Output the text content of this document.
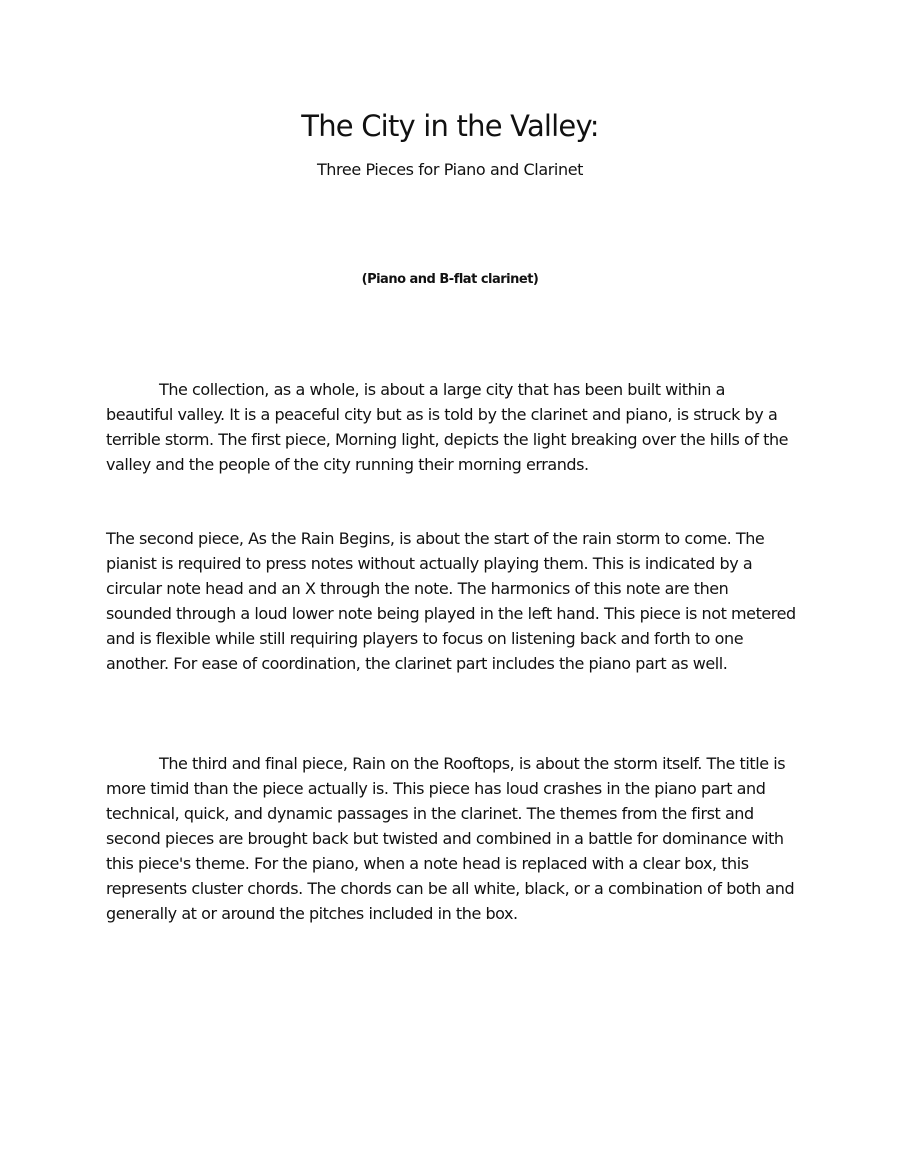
The City in the Valley:

Three Pieces for Piano and Clarinet

(Piano and B-flat clarinet)

The collection, as a whole, is about a large city that has been built within a beautiful valley. It is a peaceful city but as is told by the clarinet and piano, is struck by a terrible storm. The first piece, Morning light, depicts the light breaking over the hills of the valley and the people of the city running their morning errands.

The second piece, As the Rain Begins, is about the start of the rain storm to come. The pianist is required to press notes without actually playing them. This is indicated by a circular note head and an X through the note. The harmonics of this note are then sounded through a loud lower note being played in the left hand. This piece is not metered and is flexible while still requiring players to focus on listening back and forth to one another. For ease of coordination, the clarinet part includes the piano part as well.

The third and final piece, Rain on the Rooftops, is about the storm itself. The title is more timid than the piece actually is. This piece has loud crashes in the piano part and technical, quick, and dynamic passages in the clarinet. The themes from the first and second pieces are brought back but twisted and combined in a battle for dominance with this piece's theme. For the piano, when a note head is replaced with a clear box, this represents cluster chords. The chords can be all white, black, or a combination of both and generally at or around the pitches included in the box.
